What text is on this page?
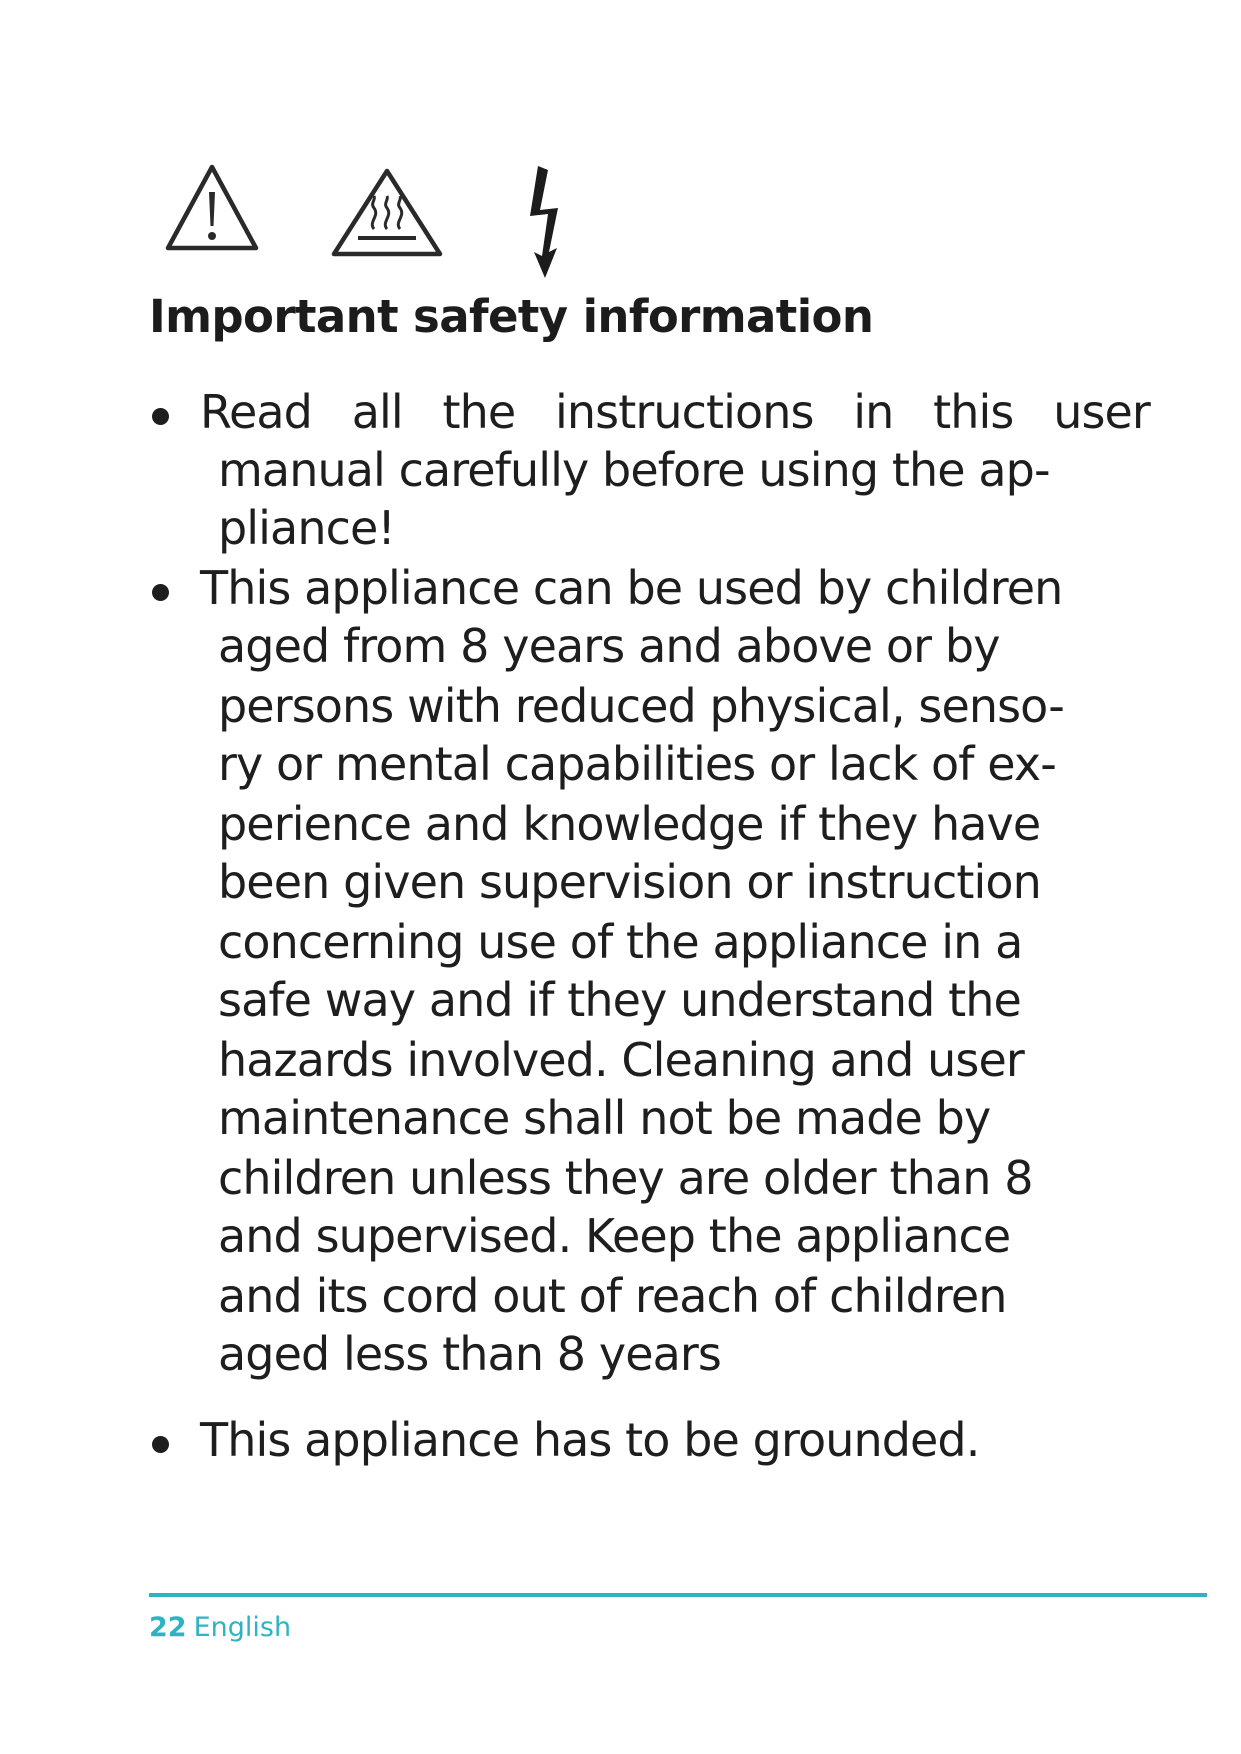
Important safety information
Read all the instructions in this user
manual carefully before using the ap-
pliance!
This appliance can be used by children
aged from 8 years and above or by
persons with reduced physical, senso-
ry or mental capabilities or lack of ex-
perience and knowledge if they have
been given supervision or instruction
concerning use of the appliance in a
safe way and if they understand the
hazards involved. Cleaning and user
maintenance shall not be made by
children unless they are older than 8
and supervised. Keep the appliance
and its cord out of reach of children
aged less than 8 years
This appliance has to be grounded.
22 English
